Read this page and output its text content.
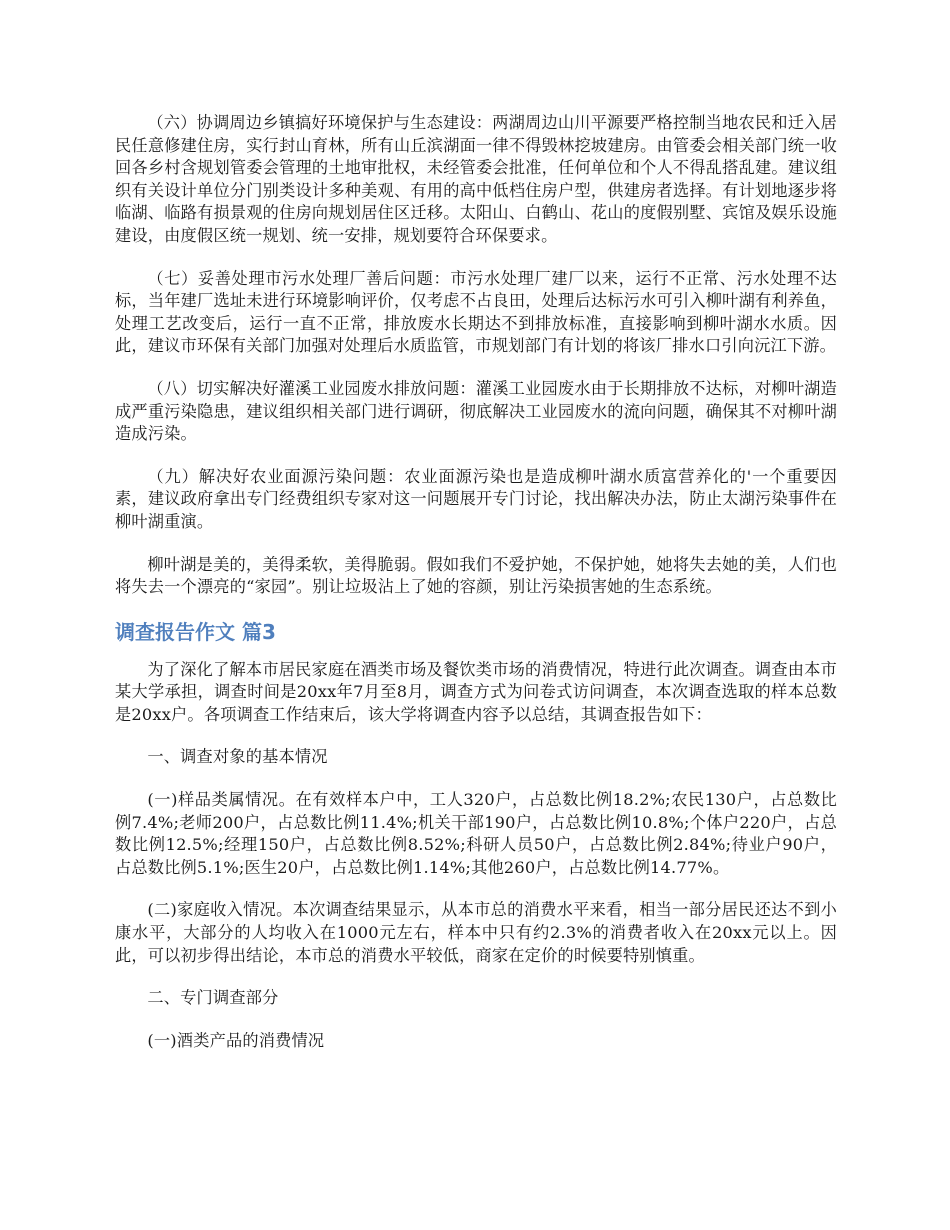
（六）协调周边乡镇搞好环境保护与生态建设：两湖周边山川平源要严格控制当地农民和迁入居民任意修建住房，实行封山育林，所有山丘滨湖面一律不得毁林挖坡建房。由管委会相关部门统一收回各乡村含规划管委会管理的土地审批权，未经管委会批准，任何单位和个人不得乱搭乱建。建议组织有关设计单位分门别类设计多种美观、有用的高中低档住房户型，供建房者选择。有计划地逐步将临湖、临路有损景观的住房向规划居住区迁移。太阳山、白鹤山、花山的度假别墅、宾馆及娱乐设施建设，由度假区统一规划、统一安排，规划要符合环保要求。

（七）妥善处理市污水处理厂善后问题：市污水处理厂建厂以来，运行不正常、污水处理不达标，当年建厂选址未进行环境影响评价，仅考虑不占良田，处理后达标污水可引入柳叶湖有利养鱼，处理工艺改变后，运行一直不正常，排放废水长期达不到排放标准，直接影响到柳叶湖水水质。因此，建议市环保有关部门加强对处理后水质监管，市规划部门有计划的将该厂排水口引向沅江下游。

（八）切实解决好灌溪工业园废水排放问题：灌溪工业园废水由于长期排放不达标，对柳叶湖造成严重污染隐患，建议组织相关部门进行调研，彻底解决工业园废水的流向问题，确保其不对柳叶湖造成污染。

（九）解决好农业面源污染问题：农业面源污染也是造成柳叶湖水质富营养化的'一个重要因素，建议政府拿出专门经费组织专家对这一问题展开专门讨论，找出解决办法，防止太湖污染事件在柳叶湖重演。

柳叶湖是美的，美得柔软，美得脆弱。假如我们不爱护她，不保护她，她将失去她的美，人们也将失去一个漂亮的“家园”。别让垃圾沾上了她的容颜，别让污染损害她的生态系统。

调查报告作文 篇3

为了深化了解本市居民家庭在酒类市场及餐饮类市场的消费情况，特进行此次调查。调查由本市某大学承担，调查时间是20xx年7月至8月，调查方式为问卷式访问调查，本次调查选取的样本总数是20xx户。各项调查工作结束后，该大学将调查内容予以总结，其调查报告如下：

一、调查对象的基本情况

(一)样品类属情况。在有效样本户中，工人320户，占总数比例18.2%;农民130户，占总数比例7.4%;老师200户，占总数比例11.4%;机关干部190户，占总数比例10.8%;个体户220户，占总数比例12.5%;经理150户，占总数比例8.52%;科研人员50户，占总数比例2.84%;待业户90户，占总数比例5.1%;医生20户，占总数比例1.14%;其他260户，占总数比例14.77%。

(二)家庭收入情况。本次调查结果显示，从本市总的消费水平来看，相当一部分居民还达不到小康水平，大部分的人均收入在1000元左右，样本中只有约2.3%的消费者收入在20xx元以上。因此，可以初步得出结论，本市总的消费水平较低，商家在定价的时候要特别慎重。

二、专门调查部分

(一)酒类产品的消费情况
